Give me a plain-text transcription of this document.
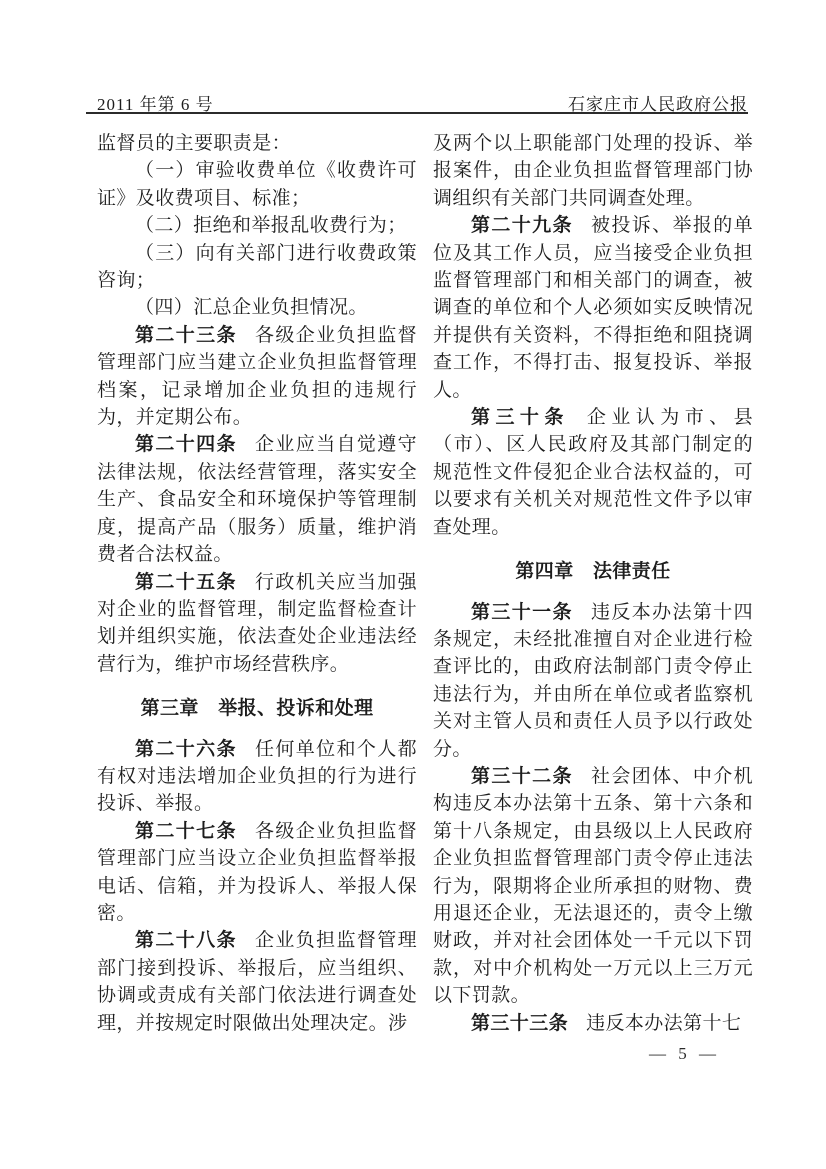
2011 年第 6 号	石家庄市人民政府公报

监督员的主要职责是：

（一）审验收费单位《收费许可证》及收费项目、标准；

（二）拒绝和举报乱收费行为；

（三）向有关部门进行收费政策咨询；

（四）汇总企业负担情况。

第二十三条 各级企业负担监督管理部门应当建立企业负担监督管理档案，记录增加企业负担的违规行为，并定期公布。

第二十四条 企业应当自觉遵守法律法规，依法经营管理，落实安全生产、食品安全和环境保护等管理制度，提高产品（服务）质量，维护消费者合法权益。

第二十五条 行政机关应当加强对企业的监督管理，制定监督检查计划并组织实施，依法查处企业违法经营行为，维护市场经营秩序。

第三章　举报、投诉和处理

第二十六条 任何单位和个人都有权对违法增加企业负担的行为进行投诉、举报。

第二十七条 各级企业负担监督管理部门应当设立企业负担监督举报电话、信箱，并为投诉人、举报人保密。

第二十八条 企业负担监督管理部门接到投诉、举报后，应当组织、协调或责成有关部门依法进行调查处理，并按规定时限做出处理决定。涉

及两个以上职能部门处理的投诉、举报案件，由企业负担监督管理部门协调组织有关部门共同调查处理。

第二十九条 被投诉、举报的单位及其工作人员，应当接受企业负担监督管理部门和相关部门的调查，被调查的单位和个人必须如实反映情况并提供有关资料，不得拒绝和阻挠调查工作，不得打击、报复投诉、举报人。

第三十条 企业认为市、县（市）、区人民政府及其部门制定的规范性文件侵犯企业合法权益的，可以要求有关机关对规范性文件予以审查处理。

第四章　法律责任

第三十一条 违反本办法第十四条规定，未经批准擅自对企业进行检查评比的，由政府法制部门责令停止违法行为，并由所在单位或者监察机关对主管人员和责任人员予以行政处分。

第三十二条 社会团体、中介机构违反本办法第十五条、第十六条和第十八条规定，由县级以上人民政府企业负担监督管理部门责令停止违法行为，限期将企业所承担的财物、费用退还企业，无法退还的，责令上缴财政，并对社会团体处一千元以下罚款，对中介机构处一万元以上三万元以下罚款。

第三十三条 违反本办法第十七

— 5 —
